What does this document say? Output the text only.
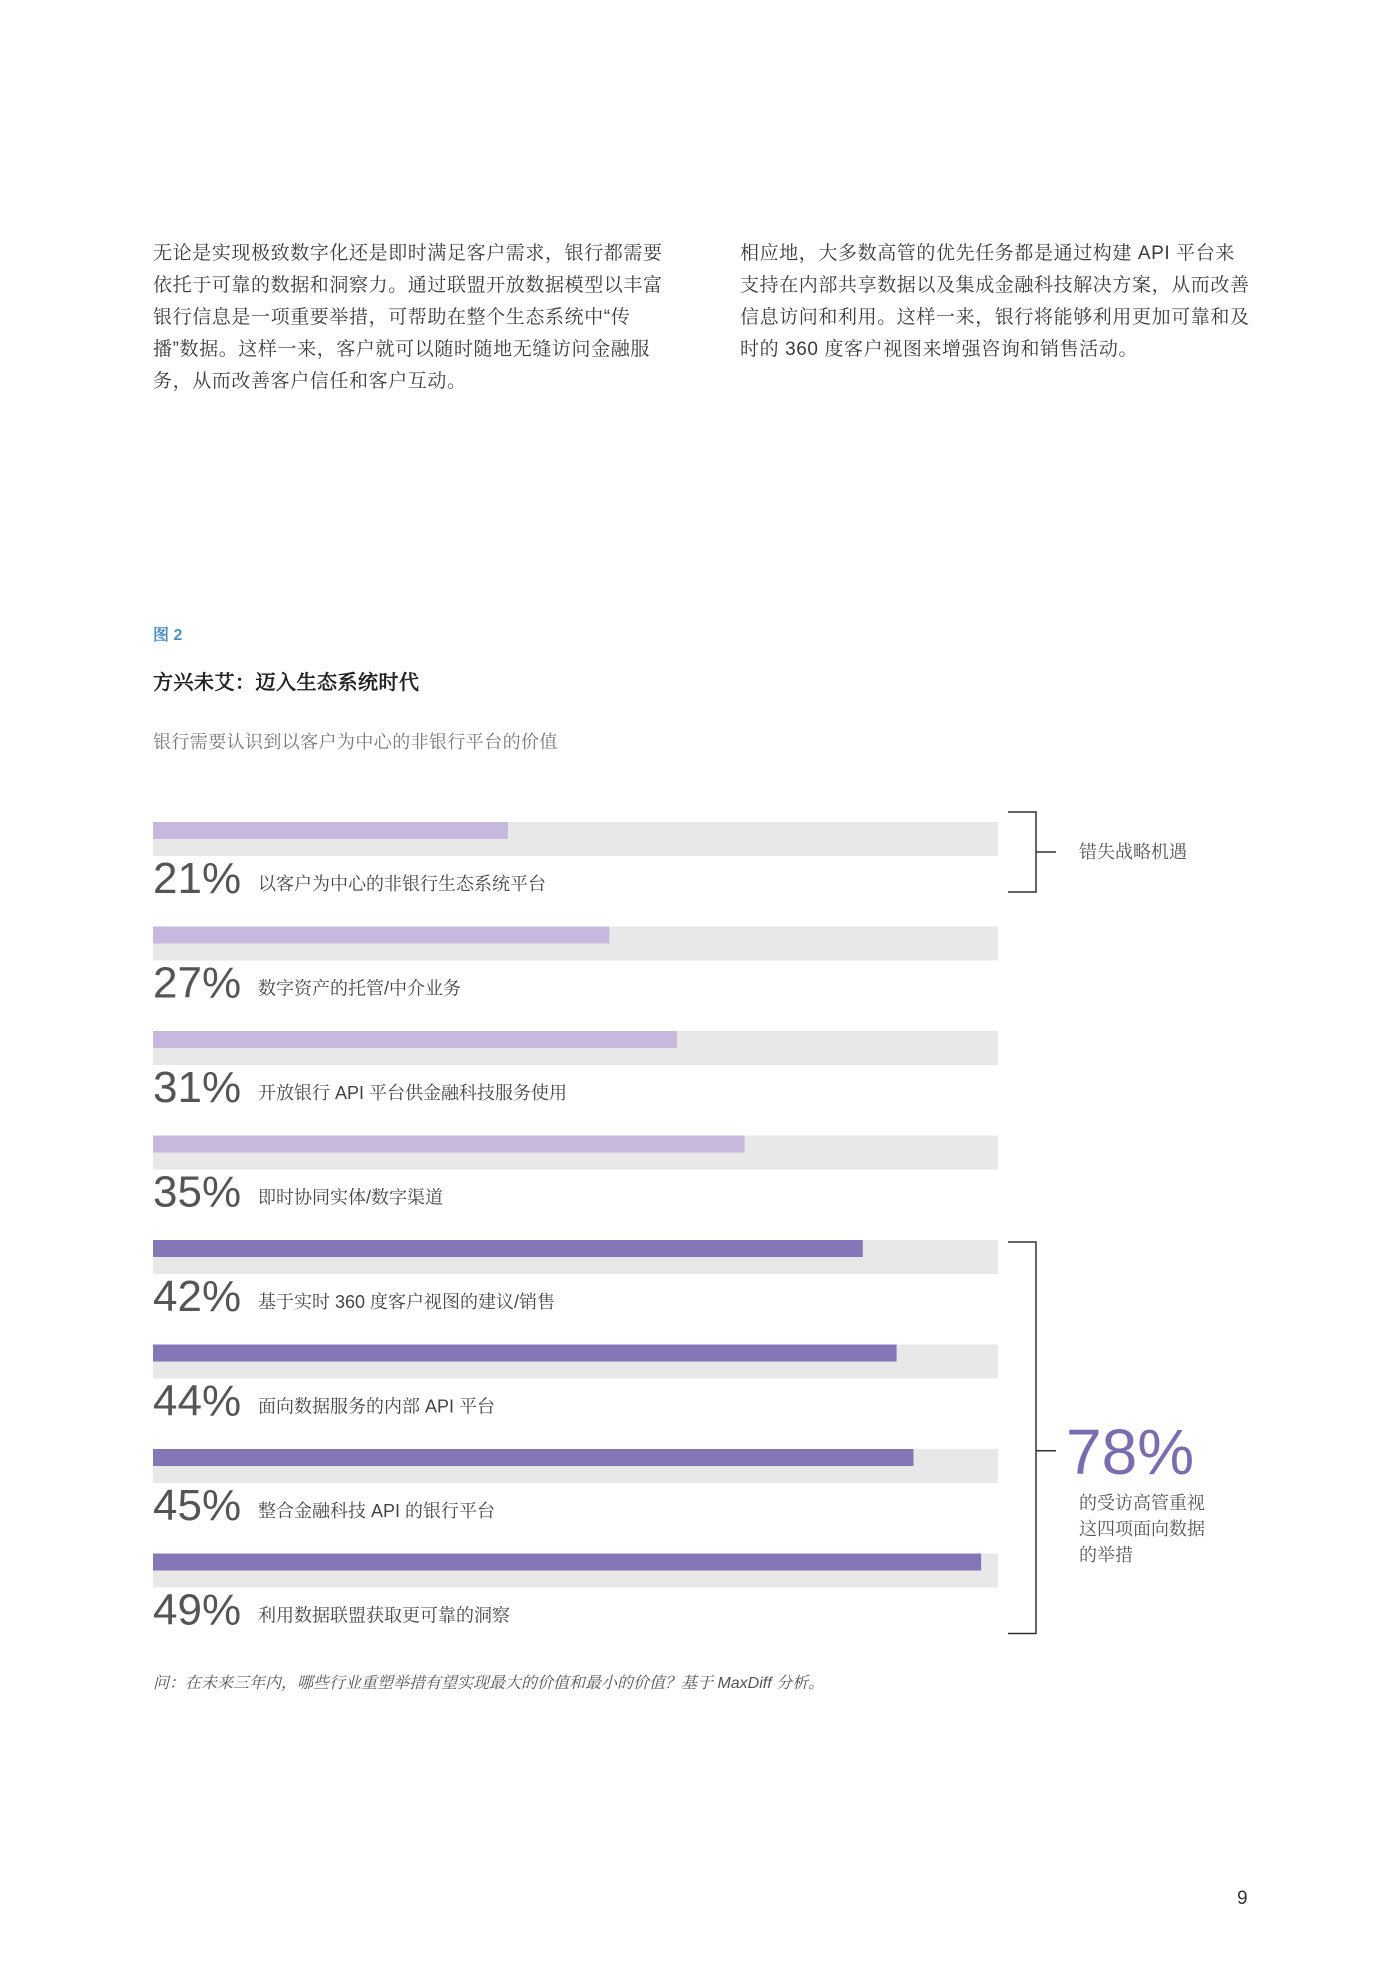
无论是实现极致数字化还是即时满足客户需求，银行都需要依托于可靠的数据和洞察力。通过联盟开放数据模型以丰富银行信息是一项重要举措，可帮助在整个生态系统中“传播”数据。这样一来，客户就可以随时随地无缝访问金融服务，从而改善客户信任和客户互动。
相应地，大多数高管的优先任务都是通过构建 API 平台来支持在内部共享数据以及集成金融科技解决方案，从而改善信息访问和利用。这样一来，银行将能够利用更加可靠和及时的 360 度客户视图来增强咨询和销售活动。
图 2
方兴未艾：迈入生态系统时代
银行需要认识到以客户为中心的非银行平台的价值
21% 以客户为中心的非银行生态系统平台
27% 数字资产的托管/中介业务
31% 开放银行 API 平台供金融科技服务使用
35% 即时协同实体/数字渠道
42% 基于实时 360 度客户视图的建议/销售
44% 面向数据服务的内部 API 平台
45% 整合金融科技 API 的银行平台
49% 利用数据联盟获取更可靠的洞察
错失战略机遇
78%
的受访高管重视
这四项面向数据
的举措
问：在未来三年内，哪些行业重塑举措有望实现最大的价值和最小的价值？基于 MaxDiff 分析。
9
